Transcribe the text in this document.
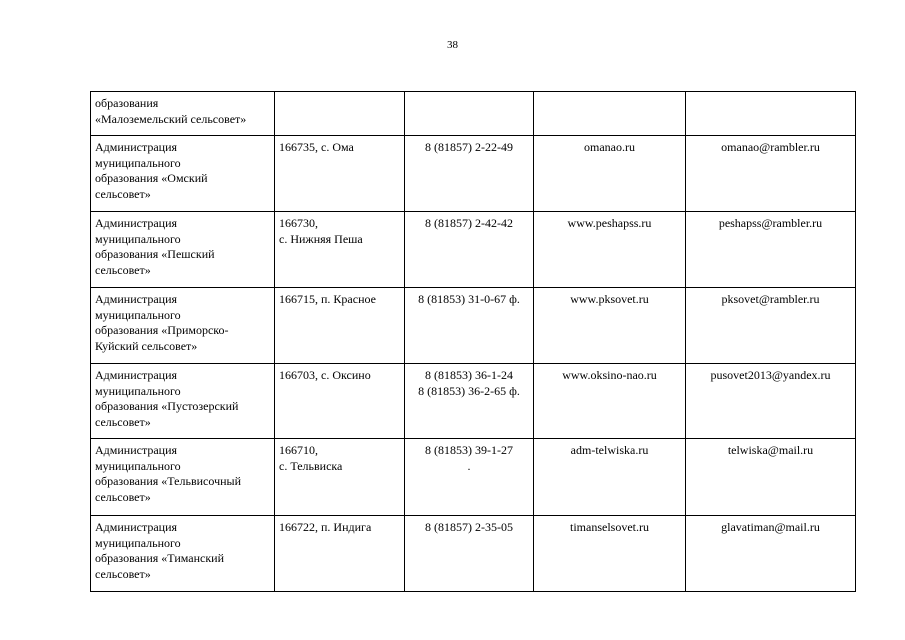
38
образования
«Малоземельский сельсовет»				

Администрация
муниципального
образования «Омский
сельсовет»	166735, с. Ома	8 (81857) 2-22-49	omanao.ru	omanao@rambler.ru

Администрация
муниципального
образования «Пешский
сельсовет»	166730,
с. Нижняя Пеша	8 (81857) 2-42-42	www.peshapss.ru	peshapss@rambler.ru

Администрация
муниципального
образования «Приморско-
Куйский сельсовет»	166715, п. Красное	8 (81853) 31-0-67 ф.	www.pksovet.ru	pksovet@rambler.ru

Администрация
муниципального
образования «Пустозерский
сельсовет»	166703, с. Оксино	8 (81853) 36-1-24
8 (81853) 36-2-65 ф.	www.oksino-nao.ru	pusovet2013@yandex.ru

Администрация
муниципального
образования «Тельвисочный
сельсовет»	166710,
с. Тельвиска	8 (81853) 39-1-27
.	adm-telwiska.ru	telwiska@mail.ru

Администрация
муниципального
образования «Тиманский
сельсовет»	166722, п. Индига	8 (81857) 2-35-05	timanselsovet.ru	glavatiman@mail.ru
